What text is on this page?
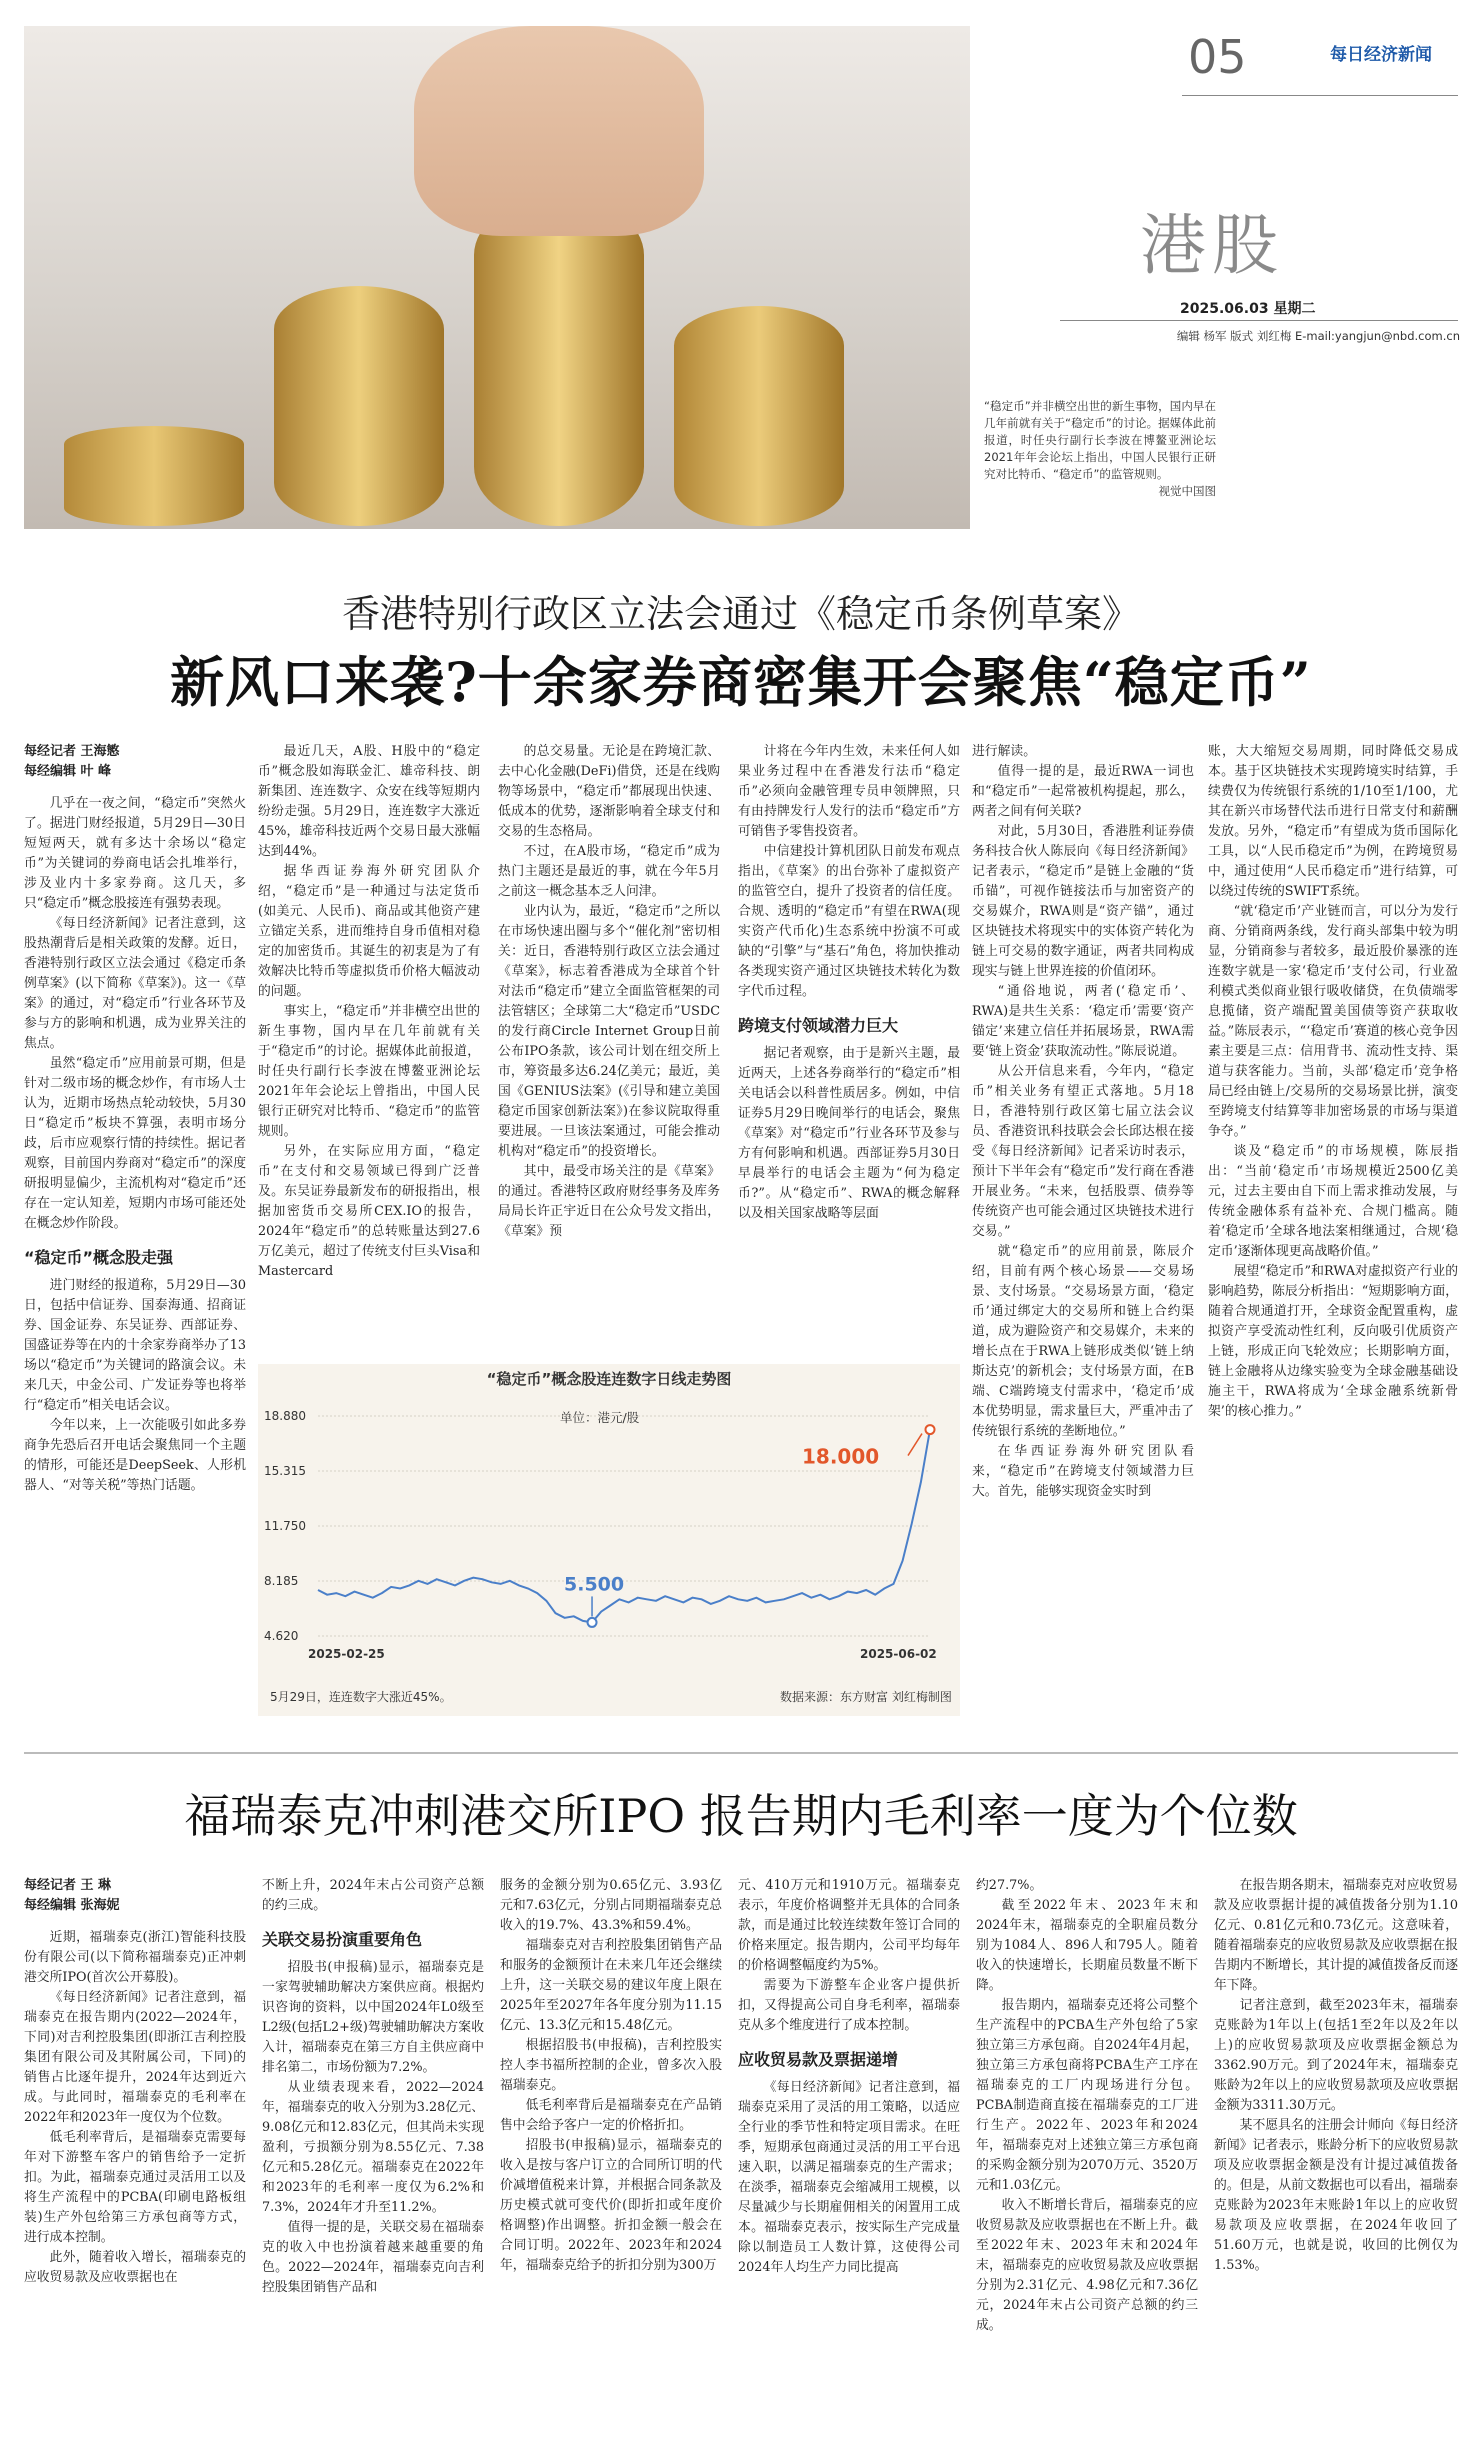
05	每日经济新闻
港股
2025.06.03 星期二
编辑 杨军 版式 刘红梅 E-mail:yangjun@nbd.com.cn
“稳定币”并非横空出世的新生事物，国内早在几年前就有关于“稳定币”的讨论。据媒体此前报道，时任央行副行长李波在博鳌亚洲论坛2021年年会论坛上指出，中国人民银行正研究对比特币、“稳定币”的监管规则。
视觉中国图
香港特别行政区立法会通过《稳定币条例草案》
新风口来袭?十余家券商密集开会聚焦“稳定币”

每经记者 王海慜

每经编辑 叶 峰

几乎在一夜之间，“稳定币”突然火了。据进门财经报道，5月29日—30日短短两天，就有多达十余场以“稳定币”为关键词的券商电话会扎堆举行，涉及业内十多家券商。这几天，多只“稳定币”概念股接连有强势表现。

《每日经济新闻》记者注意到，这股热潮背后是相关政策的发酵。近日，香港特别行政区立法会通过《稳定币条例草案》(以下简称《草案》)。这一《草案》的通过，对“稳定币”行业各环节及参与方的影响和机遇，成为业界关注的焦点。

虽然“稳定币”应用前景可期，但是针对二级市场的概念炒作，有市场人士认为，近期市场热点轮动较快，5月30日“稳定币”板块不算强，表明市场分歧，后市应观察行情的持续性。据记者观察，目前国内券商对“稳定币”的深度研报明显偏少，主流机构对“稳定币”还存在一定认知差，短期内市场可能还处在概念炒作阶段。

“稳定币”概念股走强

进门财经的报道称，5月29日—30日，包括中信证券、国泰海通、招商证券、国金证券、东吴证券、西部证券、国盛证券等在内的十余家券商举办了13场以“稳定币”为关键词的路演会议。未来几天，中金公司、广发证券等也将举行“稳定币”相关电话会议。

今年以来，上一次能吸引如此多券商争先恐后召开电话会聚焦同一个主题的情形，可能还是DeepSeek、人形机器人、“对等关税”等热门话题。

最近几天，A股、H股中的“稳定币”概念股如海联金汇、雄帝科技、朗新集团、连连数字、众安在线等短期内纷纷走强。5月29日，连连数字大涨近45%，雄帝科技近两个交易日最大涨幅达到44%。

据华西证券海外研究团队介绍，“稳定币”是一种通过与法定货币(如美元、人民币)、商品或其他资产建立锚定关系，进而维持自身币值相对稳定的加密货币。其诞生的初衷是为了有效解决比特币等虚拟货币价格大幅波动的问题。

事实上，“稳定币”并非横空出世的新生事物，国内早在几年前就有关于“稳定币”的讨论。据媒体此前报道，时任央行副行长李波在博鳌亚洲论坛2021年年会论坛上曾指出，中国人民银行正研究对比特币、“稳定币”的监管规则。

另外，在实际应用方面，“稳定币”在支付和交易领域已得到广泛普及。东吴证券最新发布的研报指出，根据加密货币交易所CEX.IO的报告，2024年“稳定币”的总转账量达到27.6万亿美元，超过了传统支付巨头Visa和Mastercard

的总交易量。无论是在跨境汇款、去中心化金融(DeFi)借贷，还是在线购物等场景中，“稳定币”都展现出快速、低成本的优势，逐渐影响着全球支付和交易的生态格局。

不过，在A股市场，“稳定币”成为热门主题还是最近的事，就在今年5月之前这一概念基本乏人问津。

业内认为，最近，“稳定币”之所以在市场快速出圈与多个“催化剂”密切相关：近日，香港特别行政区立法会通过《草案》，标志着香港成为全球首个针对法币“稳定币”建立全面监管框架的司法管辖区；全球第二大“稳定币”USDC的发行商Circle Internet Group日前公布IPO条款，该公司计划在纽交所上市，筹资最多达6.24亿美元；最近，美国《GENIUS法案》(《引导和建立美国稳定币国家创新法案》)在参议院取得重要进展。一旦该法案通过，可能会推动机构对“稳定币”的投资增长。

其中，最受市场关注的是《草案》的通过。香港特区政府财经事务及库务局局长许正宇近日在公众号发文指出，《草案》预

计将在今年内生效，未来任何人如果业务过程中在香港发行法币“稳定币”必须向金融管理专员申领牌照，只有由持牌发行人发行的法币“稳定币”方可销售予零售投资者。

中信建投计算机团队日前发布观点指出，《草案》的出台弥补了虚拟资产的监管空白，提升了投资者的信任度。合规、透明的“稳定币”有望在RWA(现实资产代币化)生态系统中扮演不可或缺的“引擎”与“基石”角色，将加快推动各类现实资产通过区块链技术转化为数字代币过程。

跨境支付领域潜力巨大

据记者观察，由于是新兴主题，最近两天，上述各券商举行的“稳定币”相关电话会以科普性质居多。例如，中信证券5月29日晚间举行的电话会，聚焦《草案》对“稳定币”行业各环节及参与方有何影响和机遇。西部证券5月30日早晨举行的电话会主题为“何为稳定币?”。从“稳定币”、RWA的概念解释以及相关国家战略等层面

进行解读。

值得一提的是，最近RWA一词也和“稳定币”一起常被机构提起，那么，两者之间有何关联?

对此，5月30日，香港胜利证券债务科技合伙人陈辰向《每日经济新闻》记者表示，“稳定币”是链上金融的“货币锚”，可视作链接法币与加密资产的交易媒介，RWA则是“资产锚”，通过区块链技术将现实中的实体资产转化为链上可交易的数字通证，两者共同构成现实与链上世界连接的价值闭环。

“通俗地说，两者(‘稳定币’、RWA)是共生关系：‘稳定币’需要‘资产锚定’来建立信任并拓展场景，RWA需要‘链上资金’获取流动性。”陈辰说道。

从公开信息来看，今年内，“稳定币”相关业务有望正式落地。5月18日，香港特别行政区第七届立法会议员、香港资讯科技联会会长邱达根在接受《每日经济新闻》记者采访时表示，预计下半年会有“稳定币”发行商在香港开展业务。“未来，包括股票、债券等传统资产也可能会通过区块链技术进行交易。”

就“稳定币”的应用前景，陈辰介绍，目前有两个核心场景——交易场景、支付场景。“交易场景方面，‘稳定币’通过绑定大的交易所和链上合约渠道，成为避险资产和交易媒介，未来的增长点在于RWA上链形成类似‘链上纳斯达克’的新机会；支付场景方面，在B端、C端跨境支付需求中，‘稳定币’成本优势明显，需求量巨大，严重冲击了传统银行系统的垄断地位。”

在华西证券海外研究团队看来，“稳定币”在跨境支付领域潜力巨大。首先，能够实现资金实时到

账，大大缩短交易周期，同时降低交易成本。基于区块链技术实现跨境实时结算，手续费仅为传统银行系统的1/10至1/100，尤其在新兴市场替代法币进行日常支付和薪酬发放。另外，“稳定币”有望成为货币国际化工具，以“人民币稳定币”为例，在跨境贸易中，通过使用“人民币稳定币”进行结算，可以绕过传统的SWIFT系统。

“就‘稳定币’产业链而言，可以分为发行商、分销商两条线，发行商头部集中较为明显，分销商参与者较多，最近股价暴涨的连连数字就是一家‘稳定币’支付公司，行业盈利模式类似商业银行吸收储贷，在负债端零息揽储，资产端配置美国债等资产获取收益。”陈辰表示，“‘稳定币’赛道的核心竞争因素主要是三点：信用背书、流动性支持、渠道与获客能力。当前，头部‘稳定币’竞争格局已经由链上/交易所的交易场景比拼，演变至跨境支付结算等非加密场景的市场与渠道争夺。”

谈及“稳定币”的市场规模，陈辰指出：“当前‘稳定币’市场规模近2500亿美元，过去主要由自下而上需求推动发展，与传统金融体系有益补充、合规门槛高。随着‘稳定币’全球各地法案相继通过，合规‘稳定币’逐渐体现更高战略价值。”

展望“稳定币”和RWA对虚拟资产行业的影响趋势，陈辰分析指出：“短期影响方面，随着合规通道打开，全球资金配置重构，虚拟资产享受流动性红利，反向吸引优质资产上链，形成正向飞轮效应；长期影响方面，链上金融将从边缘实验变为全球金融基础设施主干，RWA将成为‘全球金融系统新骨架’的核心推力。”

“稳定币”概念股连连数字日线走势图
单位：港元/股
18.880
15.315
11.750
8.185
4.620
2025-02-25	2025-06-02
5.500
18.000
5月29日，连连数字大涨近45%。	数据来源：东方财富 刘红梅制图
福瑞泰克冲刺港交所IPO 报告期内毛利率一度为个位数

每经记者 王 琳

每经编辑 张海妮

近期，福瑞泰克(浙江)智能科技股份有限公司(以下简称福瑞泰克)正冲刺港交所IPO(首次公开募股)。

《每日经济新闻》记者注意到，福瑞泰克在报告期内(2022—2024年，下同)对吉利控股集团(即浙江吉利控股集团有限公司及其附属公司，下同)的销售占比逐年提升，2024年达到近六成。与此同时，福瑞泰克的毛利率在2022年和2023年一度仅为个位数。

低毛利率背后，是福瑞泰克需要每年对下游整车客户的销售给予一定折扣。为此，福瑞泰克通过灵活用工以及将生产流程中的PCBA(印刷电路板组装)生产外包给第三方承包商等方式，进行成本控制。

此外，随着收入增长，福瑞泰克的应收贸易款及应收票据也在

不断上升，2024年末占公司资产总额的约三成。

关联交易扮演重要角色

招股书(申报稿)显示，福瑞泰克是一家驾驶辅助解决方案供应商。根据灼识咨询的资料，以中国2024年L0级至L2级(包括L2+级)驾驶辅助解决方案收入计，福瑞泰克在第三方自主供应商中排名第二，市场份额为7.2%。

从业绩表现来看，2022—2024年，福瑞泰克的收入分别为3.28亿元、9.08亿元和12.83亿元，但其尚未实现盈利，亏损额分别为8.55亿元、7.38亿元和5.28亿元。福瑞泰克在2022年和2023年的毛利率一度仅为6.2%和7.3%，2024年才升至11.2%。

值得一提的是，关联交易在福瑞泰克的收入中也扮演着越来越重要的角色。2022—2024年，福瑞泰克向吉利控股集团销售产品和

服务的金额分别为0.65亿元、3.93亿元和7.63亿元，分别占同期福瑞泰克总收入的19.7%、43.3%和59.4%。

福瑞泰克对吉利控股集团销售产品和服务的金额预计在未来几年还会继续上升，这一关联交易的建议年度上限在2025年至2027年各年度分别为11.15亿元、13.3亿元和15.48亿元。

根据招股书(申报稿)，吉利控股实控人李书福所控制的企业，曾多次入股福瑞泰克。

低毛利率背后是福瑞泰克在产品销售中会给予客户一定的价格折扣。

招股书(申报稿)显示，福瑞泰克的收入是按与客户订立的合同所订明的代价减增值税来计算，并根据合同条款及历史模式就可变代价(即折扣或年度价格调整)作出调整。折扣金额一般会在合同订明。2022年、2023年和2024年，福瑞泰克给予的折扣分别为300万

元、410万元和1910万元。福瑞泰克表示，年度价格调整并无具体的合同条款，而是通过比较连续数年签订合同的价格来厘定。报告期内，公司平均每年的价格调整幅度约为5%。

需要为下游整车企业客户提供折扣，又得提高公司自身毛利率，福瑞泰克从多个维度进行了成本控制。

应收贸易款及票据递增

《每日经济新闻》记者注意到，福瑞泰克采用了灵活的用工策略，以适应全行业的季节性和特定项目需求。在旺季，短期承包商通过灵活的用工平台迅速入职，以满足福瑞泰克的生产需求；在淡季，福瑞泰克会缩减用工规模，以尽量减少与长期雇佣相关的闲置用工成本。福瑞泰克表示，按实际生产完成量除以制造员工人数计算，这使得公司2024年人均生产力同比提高

约27.7%。

截至2022年末、2023年末和2024年末，福瑞泰克的全职雇员数分别为1084人、896人和795人。随着收入的快速增长，长期雇员数量不断下降。

报告期内，福瑞泰克还将公司整个生产流程中的PCBA生产外包给了5家独立第三方承包商。自2024年4月起，独立第三方承包商将PCBA生产工序在福瑞泰克的工厂内现场进行分包。PCBA制造商直接在福瑞泰克的工厂进行生产。2022年、2023年和2024年，福瑞泰克对上述独立第三方承包商的采购金额分别为2070万元、3520万元和1.03亿元。

收入不断增长背后，福瑞泰克的应收贸易款及应收票据也在不断上升。截至2022年末、2023年末和2024年末，福瑞泰克的应收贸易款及应收票据分别为2.31亿元、4.98亿元和7.36亿元，2024年末占公司资产总额的约三成。

在报告期各期末，福瑞泰克对应收贸易款及应收票据计提的减值拨备分别为1.10亿元、0.81亿元和0.73亿元。这意味着，随着福瑞泰克的应收贸易款及应收票据在报告期内不断增长，其计提的减值拨备反而逐年下降。

记者注意到，截至2023年末，福瑞泰克账龄为1年以上(包括1至2年以及2年以上)的应收贸易款项及应收票据金额总为3362.90万元。到了2024年末，福瑞泰克账龄为2年以上的应收贸易款项及应收票据金额为3311.30万元。

某不愿具名的注册会计师向《每日经济新闻》记者表示，账龄分析下的应收贸易款项及应收票据金额是没有计提过减值拨备的。但是，从前文数据也可以看出，福瑞泰克账龄为2023年末账龄1年以上的应收贸易款项及应收票据，在2024年收回了51.60万元，也就是说，收回的比例仅为1.53%。
